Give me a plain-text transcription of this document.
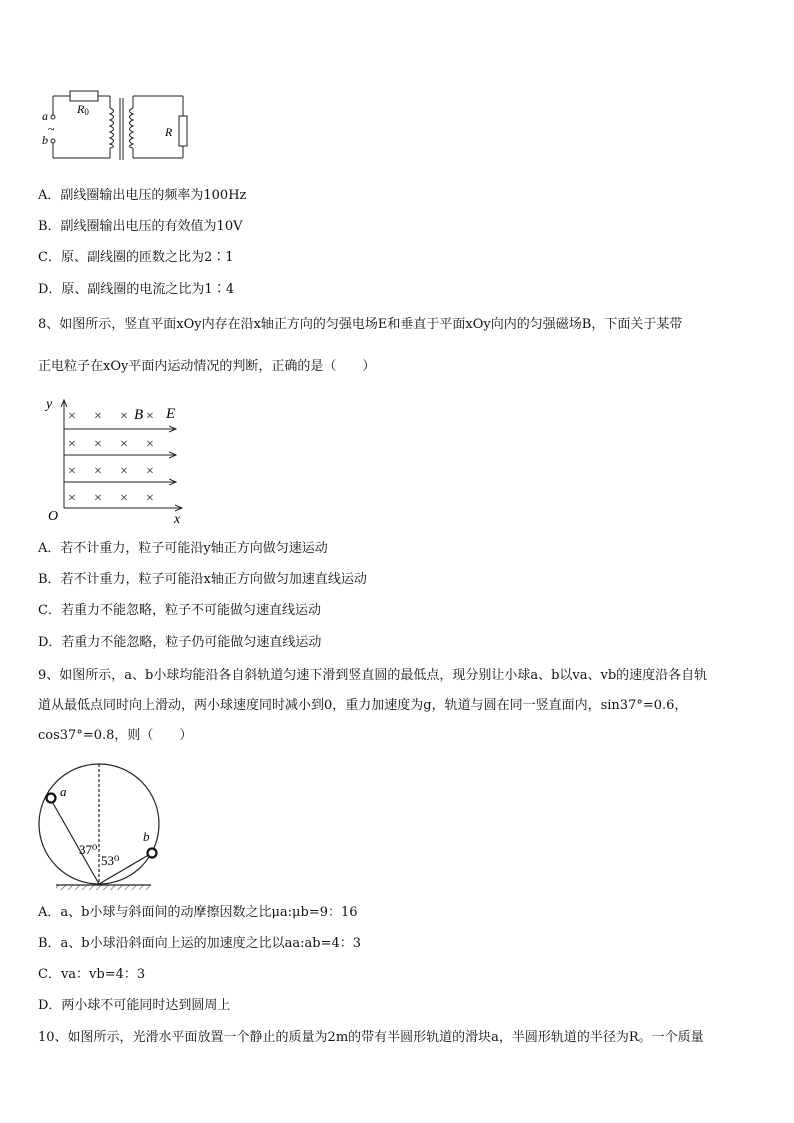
a
b
~
R0
R
A．副线圈输出电压的频率为100Hz
B．副线圈输出电压的有效值为10V
C．原、副线圈的匝数之比为2∶1
D．原、副线圈的电流之比为1∶4
8、如图所示，竖直平面xOy内存在沿x轴正方向的匀强电场E和垂直于平面xOy向内的匀强磁场B，下面关于某带
正电粒子在xOy平面内运动情况的判断，正确的是（　　）
y
x
O
B E
× × × ×
× × × ×
× × × ×
× × × ×
A．若不计重力，粒子可能沿y轴正方向做匀速运动
B．若不计重力，粒子可能沿x轴正方向做匀加速直线运动
C．若重力不能忽略，粒子不可能做匀速直线运动
D．若重力不能忽略，粒子仍可能做匀速直线运动
9、如图所示，a、b小球均能沿各自斜轨道匀速下滑到竖直圆的最低点，现分别让小球a、b以va、vb的速度沿各自轨
道从最低点同时向上滑动，两小球速度同时减小到0，重力加速度为g，轨道与圆在同一竖直面内，sin37°=0.6，
cos37°=0.8，则（　　）
a
b
37⁰
53⁰
A．a、b小球与斜面间的动摩擦因数之比μa:μb=9：16
B．a、b小球沿斜面向上运的加速度之比以aa:ab=4：3
C．va：vb=4：3
D．两小球不可能同时达到圆周上
10、如图所示，光滑水平面放置一个静止的质量为2m的带有半圆形轨道的滑块a，半圆形轨道的半径为R。一个质量
